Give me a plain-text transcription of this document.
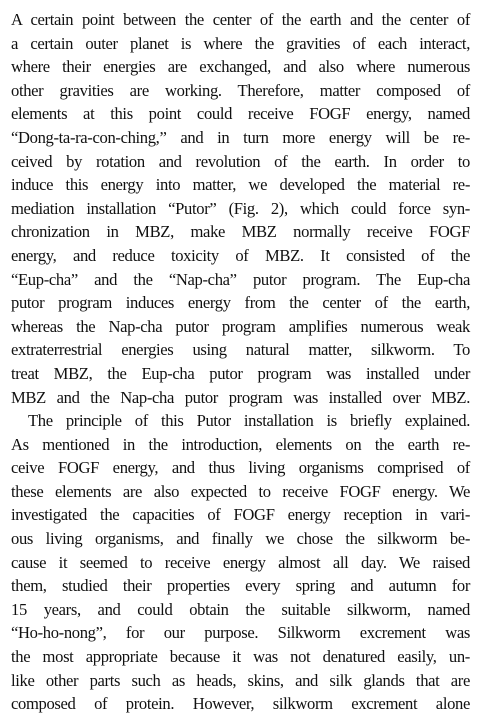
A certain point between the center of the earth and the center of
a certain outer planet is where the gravities of each interact,
where their energies are exchanged, and also where numerous
other gravities are working. Therefore, matter composed of
elements at this point could receive FOGF energy, named
“Dong-ta-ra-con-ching,” and in turn more energy will be re-
ceived by rotation and revolution of the earth. In order to
induce this energy into matter, we developed the material re-
mediation installation “Putor” (Fig. 2), which could force syn-
chronization in MBZ, make MBZ normally receive FOGF
energy, and reduce toxicity of MBZ. It consisted of the
“Eup-cha” and the “Nap-cha” putor program. The Eup-cha
putor program induces energy from the center of the earth,
whereas the Nap-cha putor program amplifies numerous weak
extraterrestrial energies using natural matter, silkworm. To
treat MBZ, the Eup-cha putor program was installed under
MBZ and the Nap-cha putor program was installed over MBZ.
The principle of this Putor installation is briefly explained.
As mentioned in the introduction, elements on the earth re-
ceive FOGF energy, and thus living organisms comprised of
these elements are also expected to receive FOGF energy. We
investigated the capacities of FOGF energy reception in vari-
ous living organisms, and finally we chose the silkworm be-
cause it seemed to receive energy almost all day. We raised
them, studied their properties every spring and autumn for
15 years, and could obtain the suitable silkworm, named
“Ho-ho-nong”, for our purpose. Silkworm excrement was
the most appropriate because it was not denatured easily, un-
like other parts such as heads, skins, and silk glands that are
composed of protein. However, silkworm excrement alone
